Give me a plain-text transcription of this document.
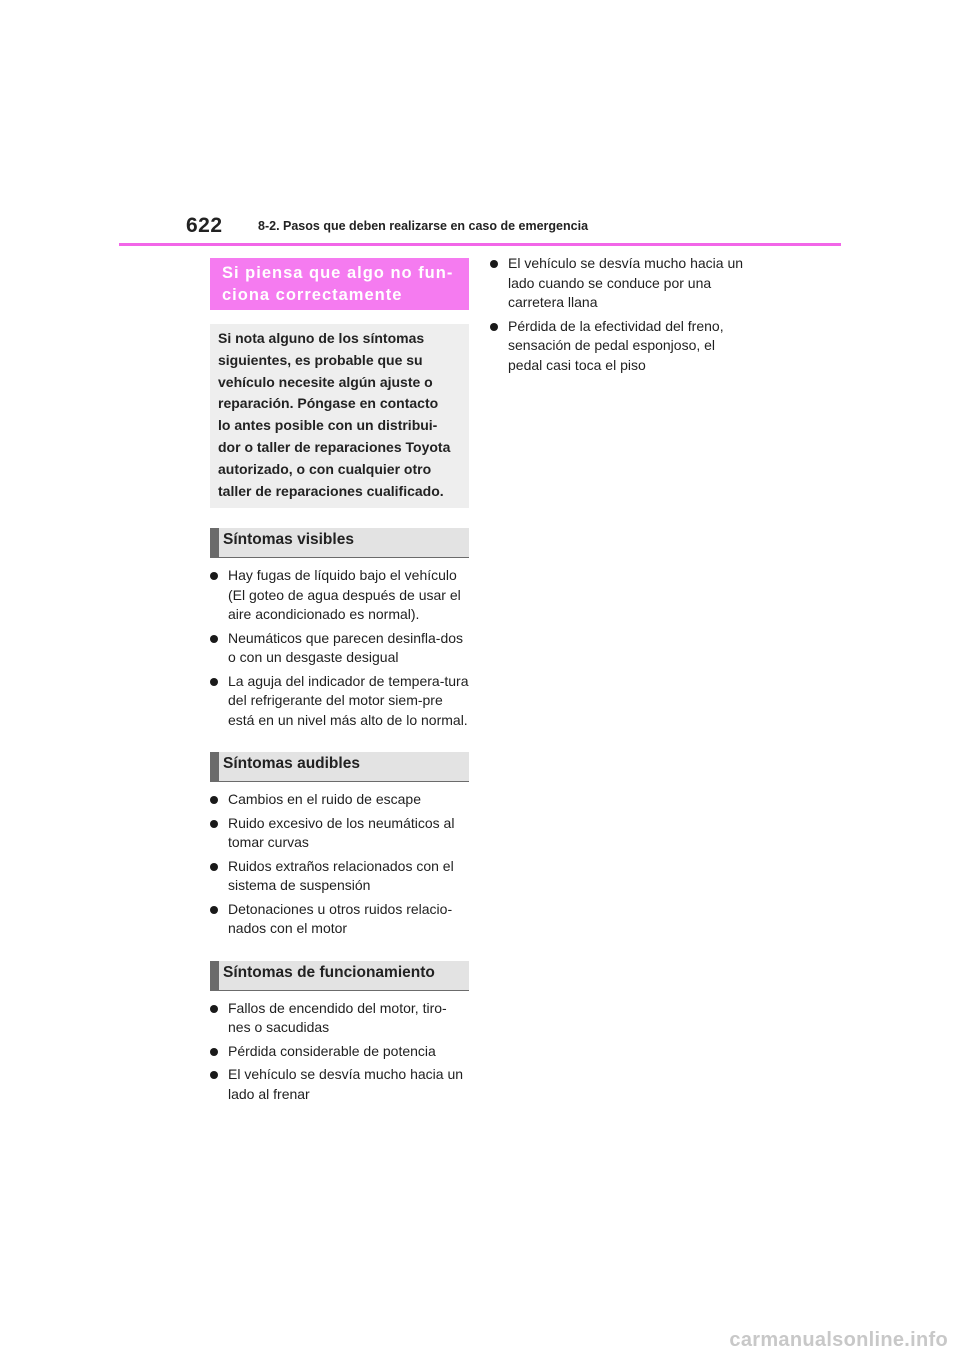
622	8-2. Pasos que deben realizarse en caso de emergencia
Si piensa que algo no fun-
ciona correctamente

Si nota alguno de los síntomas

siguientes, es probable que su

vehículo necesite algún ajuste o

reparación. Póngase en contacto

lo antes posible con un distribui-

dor o taller de reparaciones Toyota

autorizado, o con cualquier otro

taller de reparaciones cualificado.

Síntomas visibles
Hay fugas de líquido bajo el vehículo (El goteo de agua después de usar el aire acondicionado es normal).
Neumáticos que parecen desinfla-dos o con un desgaste desigual
La aguja del indicador de tempera-tura del refrigerante del motor siem-pre está en un nivel más alto de lo normal.
Síntomas audibles
Cambios en el ruido de escape
Ruido excesivo de los neumáticos al tomar curvas
Ruidos extraños relacionados con el sistema de suspensión
Detonaciones u otros ruidos relacio-nados con el motor
Síntomas de funcionamiento
Fallos de encendido del motor, tiro-nes o sacudidas
Pérdida considerable de potencia
El vehículo se desvía mucho hacia un lado al frenar
El vehículo se desvía mucho hacia un lado cuando se conduce por una carretera llana
Pérdida de la efectividad del freno, sensación de pedal esponjoso, el pedal casi toca el piso
carmanualsonline.info
